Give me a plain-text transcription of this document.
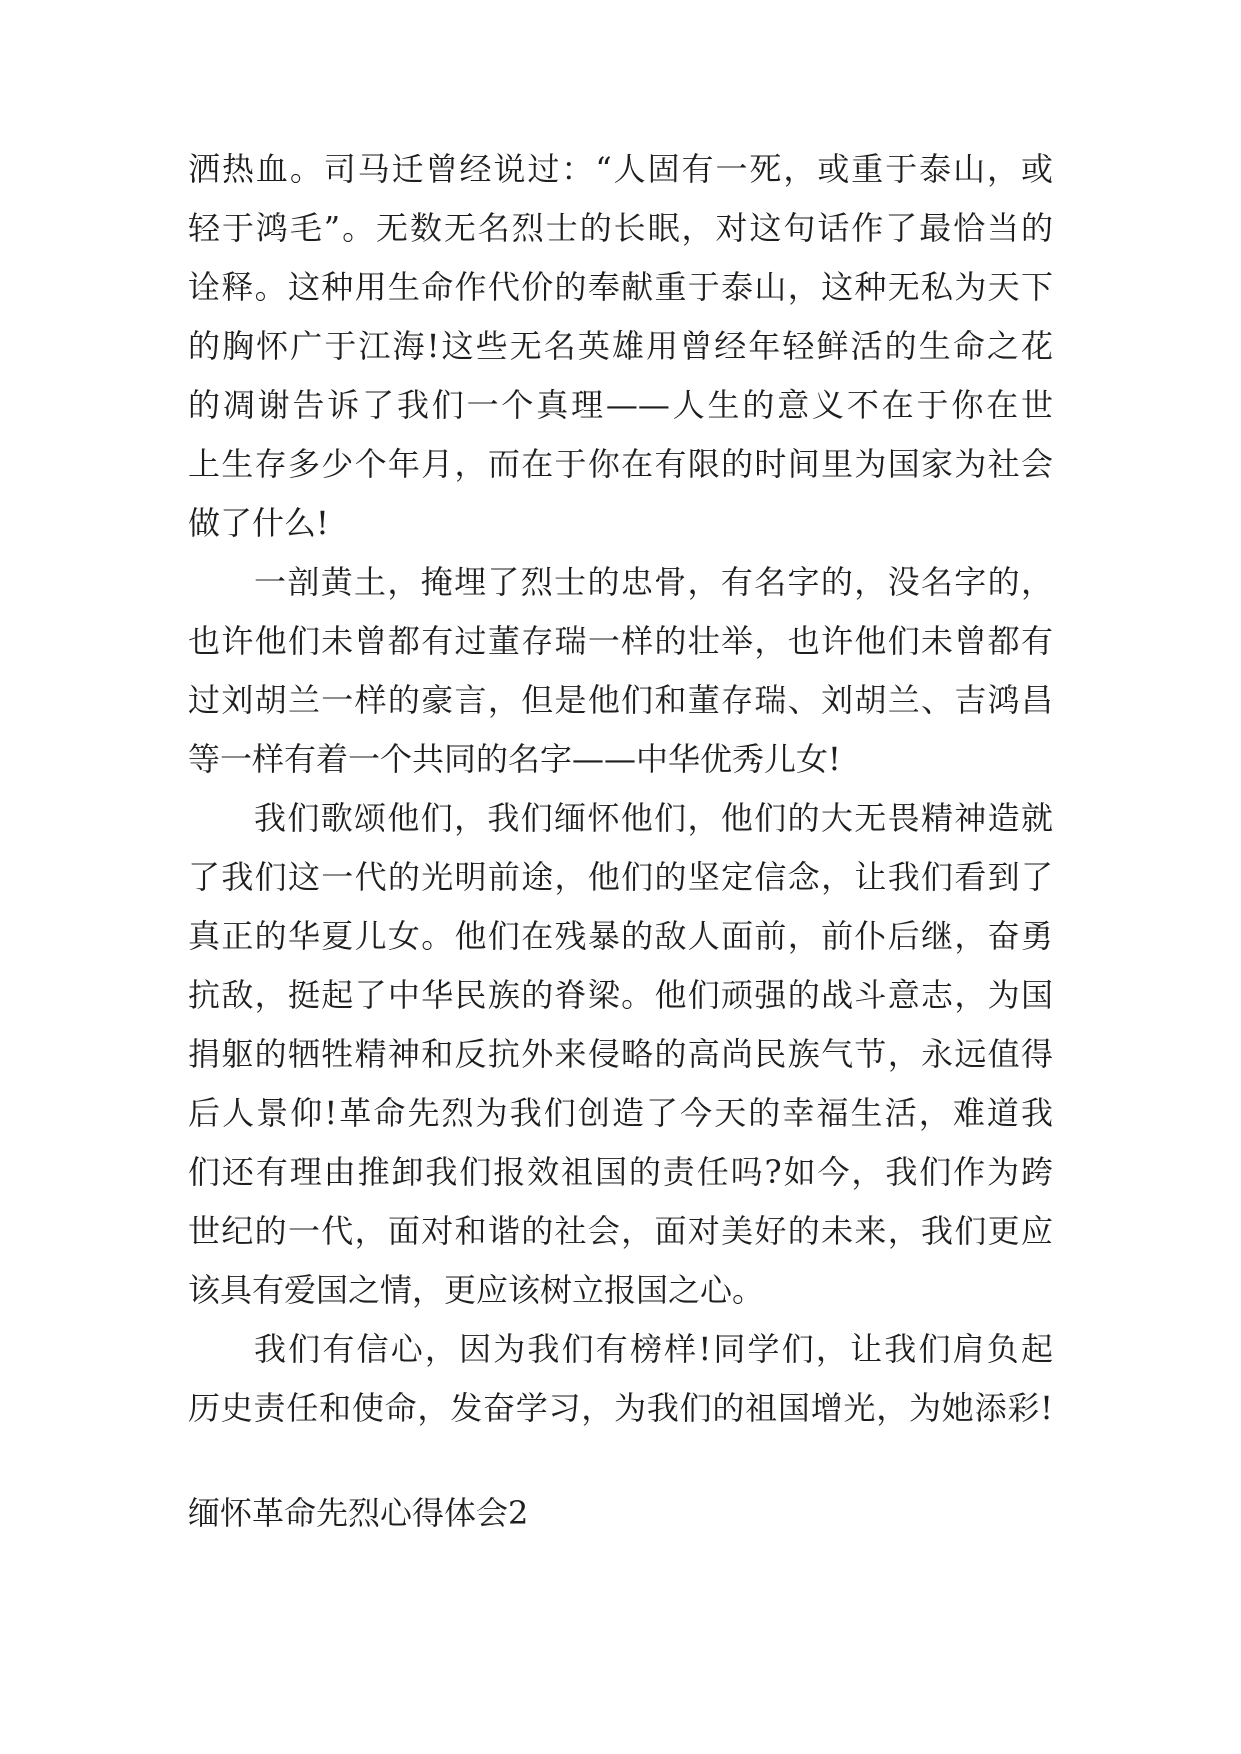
洒热血。司马迁曾经说过：“人固有一死，或重于泰山，或
轻于鸿毛”。无数无名烈士的长眠，对这句话作了最恰当的
诠释。这种用生命作代价的奉献重于泰山，这种无私为天下
的胸怀广于江海!这些无名英雄用曾经年轻鲜活的生命之花
的凋谢告诉了我们一个真理——人生的意义不在于你在世
上生存多少个年月，而在于你在有限的时间里为国家为社会
做了什么!
一剖黄土，掩埋了烈士的忠骨，有名字的，没名字的，
也许他们未曾都有过董存瑞一样的壮举，也许他们未曾都有
过刘胡兰一样的豪言，但是他们和董存瑞、刘胡兰、吉鸿昌
等一样有着一个共同的名字——中华优秀儿女!
我们歌颂他们，我们缅怀他们，他们的大无畏精神造就
了我们这一代的光明前途，他们的坚定信念，让我们看到了
真正的华夏儿女。他们在残暴的敌人面前，前仆后继，奋勇
抗敌，挺起了中华民族的脊梁。他们顽强的战斗意志，为国
捐躯的牺牲精神和反抗外来侵略的高尚民族气节，永远值得
后人景仰!革命先烈为我们创造了今天的幸福生活，难道我
们还有理由推卸我们报效祖国的责任吗?如今，我们作为跨
世纪的一代，面对和谐的社会，面对美好的未来，我们更应
该具有爱国之情，更应该树立报国之心。
我们有信心，因为我们有榜样!同学们，让我们肩负起
历史责任和使命，发奋学习，为我们的祖国增光，为她添彩!
缅怀革命先烈心得体会2
